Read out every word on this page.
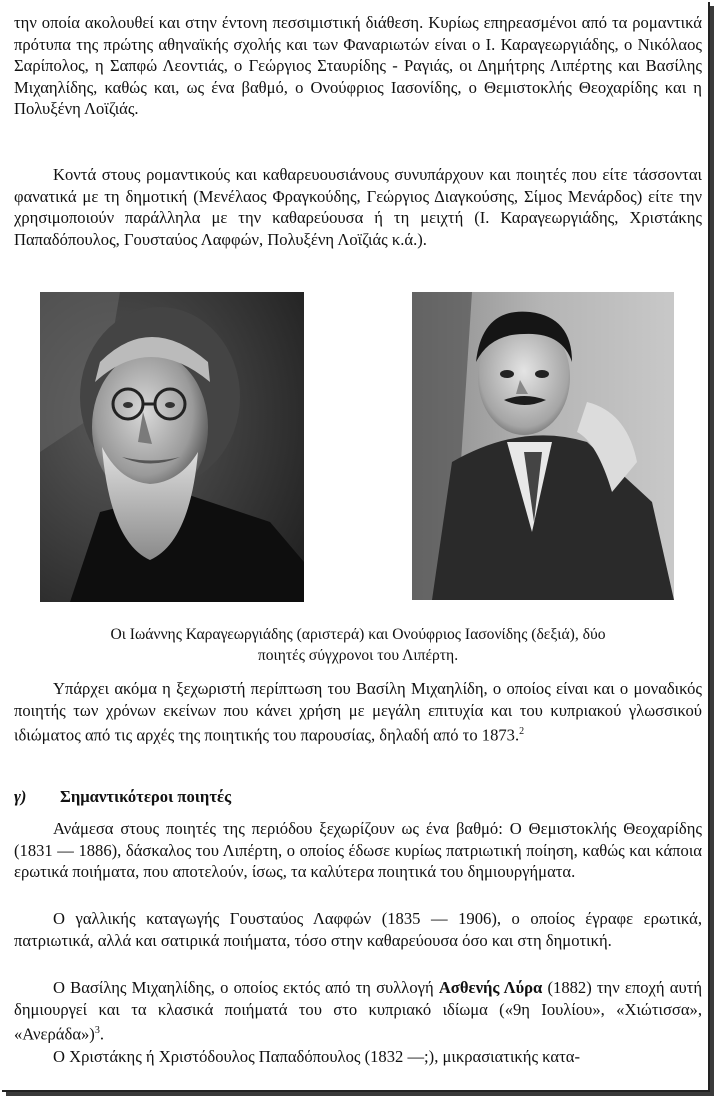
την οποία ακολουθεί και στην έντονη πεσσιμιστική διάθεση. Κυρίως επηρεασμένοι από τα ρομαντικά πρότυπα της πρώτης αθηναϊκής σχολής και των Φαναριωτών είναι ο Ι. Καραγεωργιάδης, ο Νικόλαος Σαρίπολος, η Σαπφώ Λεοντιάς, ο Γεώργιος Σταυρίδης - Ραγιάς, οι Δημήτρης Λιπέρτης και Βασίλης Μιχαηλίδης, καθώς και, ως ένα βαθμό, ο Ονούφριος Ιασονίδης, ο Θεμιστοκλής Θεοχαρίδης και η Πολυξένη Λοϊζιάς.

Κοντά στους ρομαντικούς και καθαρευουσιάνους συνυπάρχουν και ποιητές που είτε τάσσονται φανατικά με τη δημοτική (Μενέλαος Φραγκούδης, Γεώργιος Διαγκούσης, Σίμος Μενάρδος) είτε την χρησιμοποιούν παράλληλα με την καθαρεύουσα ή τη μειχτή (Ι. Καραγεωργιάδης, Χριστάκης Παπαδόπουλος, Γουσταύος Λαφφών, Πολυξένη Λοϊζιάς κ.ά.).

Οι Ιωάννης Καραγεωργιάδης (αριστερά) και Ονούφριος Ιασονίδης (δεξιά), δύο

ποιητές σύγχρονοι του Λιπέρτη.

Υπάρχει ακόμα η ξεχωριστή περίπτωση του Βασίλη Μιχαηλίδη, ο οποίος είναι και ο μοναδικός ποιητής των χρόνων εκείνων που κάνει χρήση με μεγάλη επιτυχία και του κυπριακού γλωσσικού ιδιώματος από τις αρχές της ποιητικής του παρουσίας, δηλαδή από το 1873.$^2$

γ) Σημαντικότεροι ποιητές

Ανάμεσα στους ποιητές της περιόδου ξεχωρίζουν ως ένα βαθμό: Ο Θεμιστοκλής Θεοχαρίδης (1831 — 1886), δάσκαλος του Λιπέρτη, ο οποίος έδωσε κυρίως πατριωτική ποίηση, καθώς και κάποια ερωτικά ποιήματα, που αποτελούν, ίσως, τα καλύτερα ποιητικά του δημιουργήματα.

Ο γαλλικής καταγωγής Γουσταύος Λαφφών (1835 — 1906), ο οποίος έγραφε ερωτικά, πατριωτικά, αλλά και σατιρικά ποιήματα, τόσο στην καθαρεύουσα όσο και στη δημοτική.

Ο Βασίλης Μιχαηλίδης, ο οποίος εκτός από τη συλλογή Ασθενής Λύρα (1882) την εποχή αυτή δημιουργεί και τα κλασικά ποιήματά του στο κυπριακό ιδίωμα («9η Ιουλίου», «Χιώτισσα», «Ανεράδα»)$^3$.

Ο Χριστάκης ή Χριστόδουλος Παπαδόπουλος (1832 —;), μικρασιατικής κατα-
